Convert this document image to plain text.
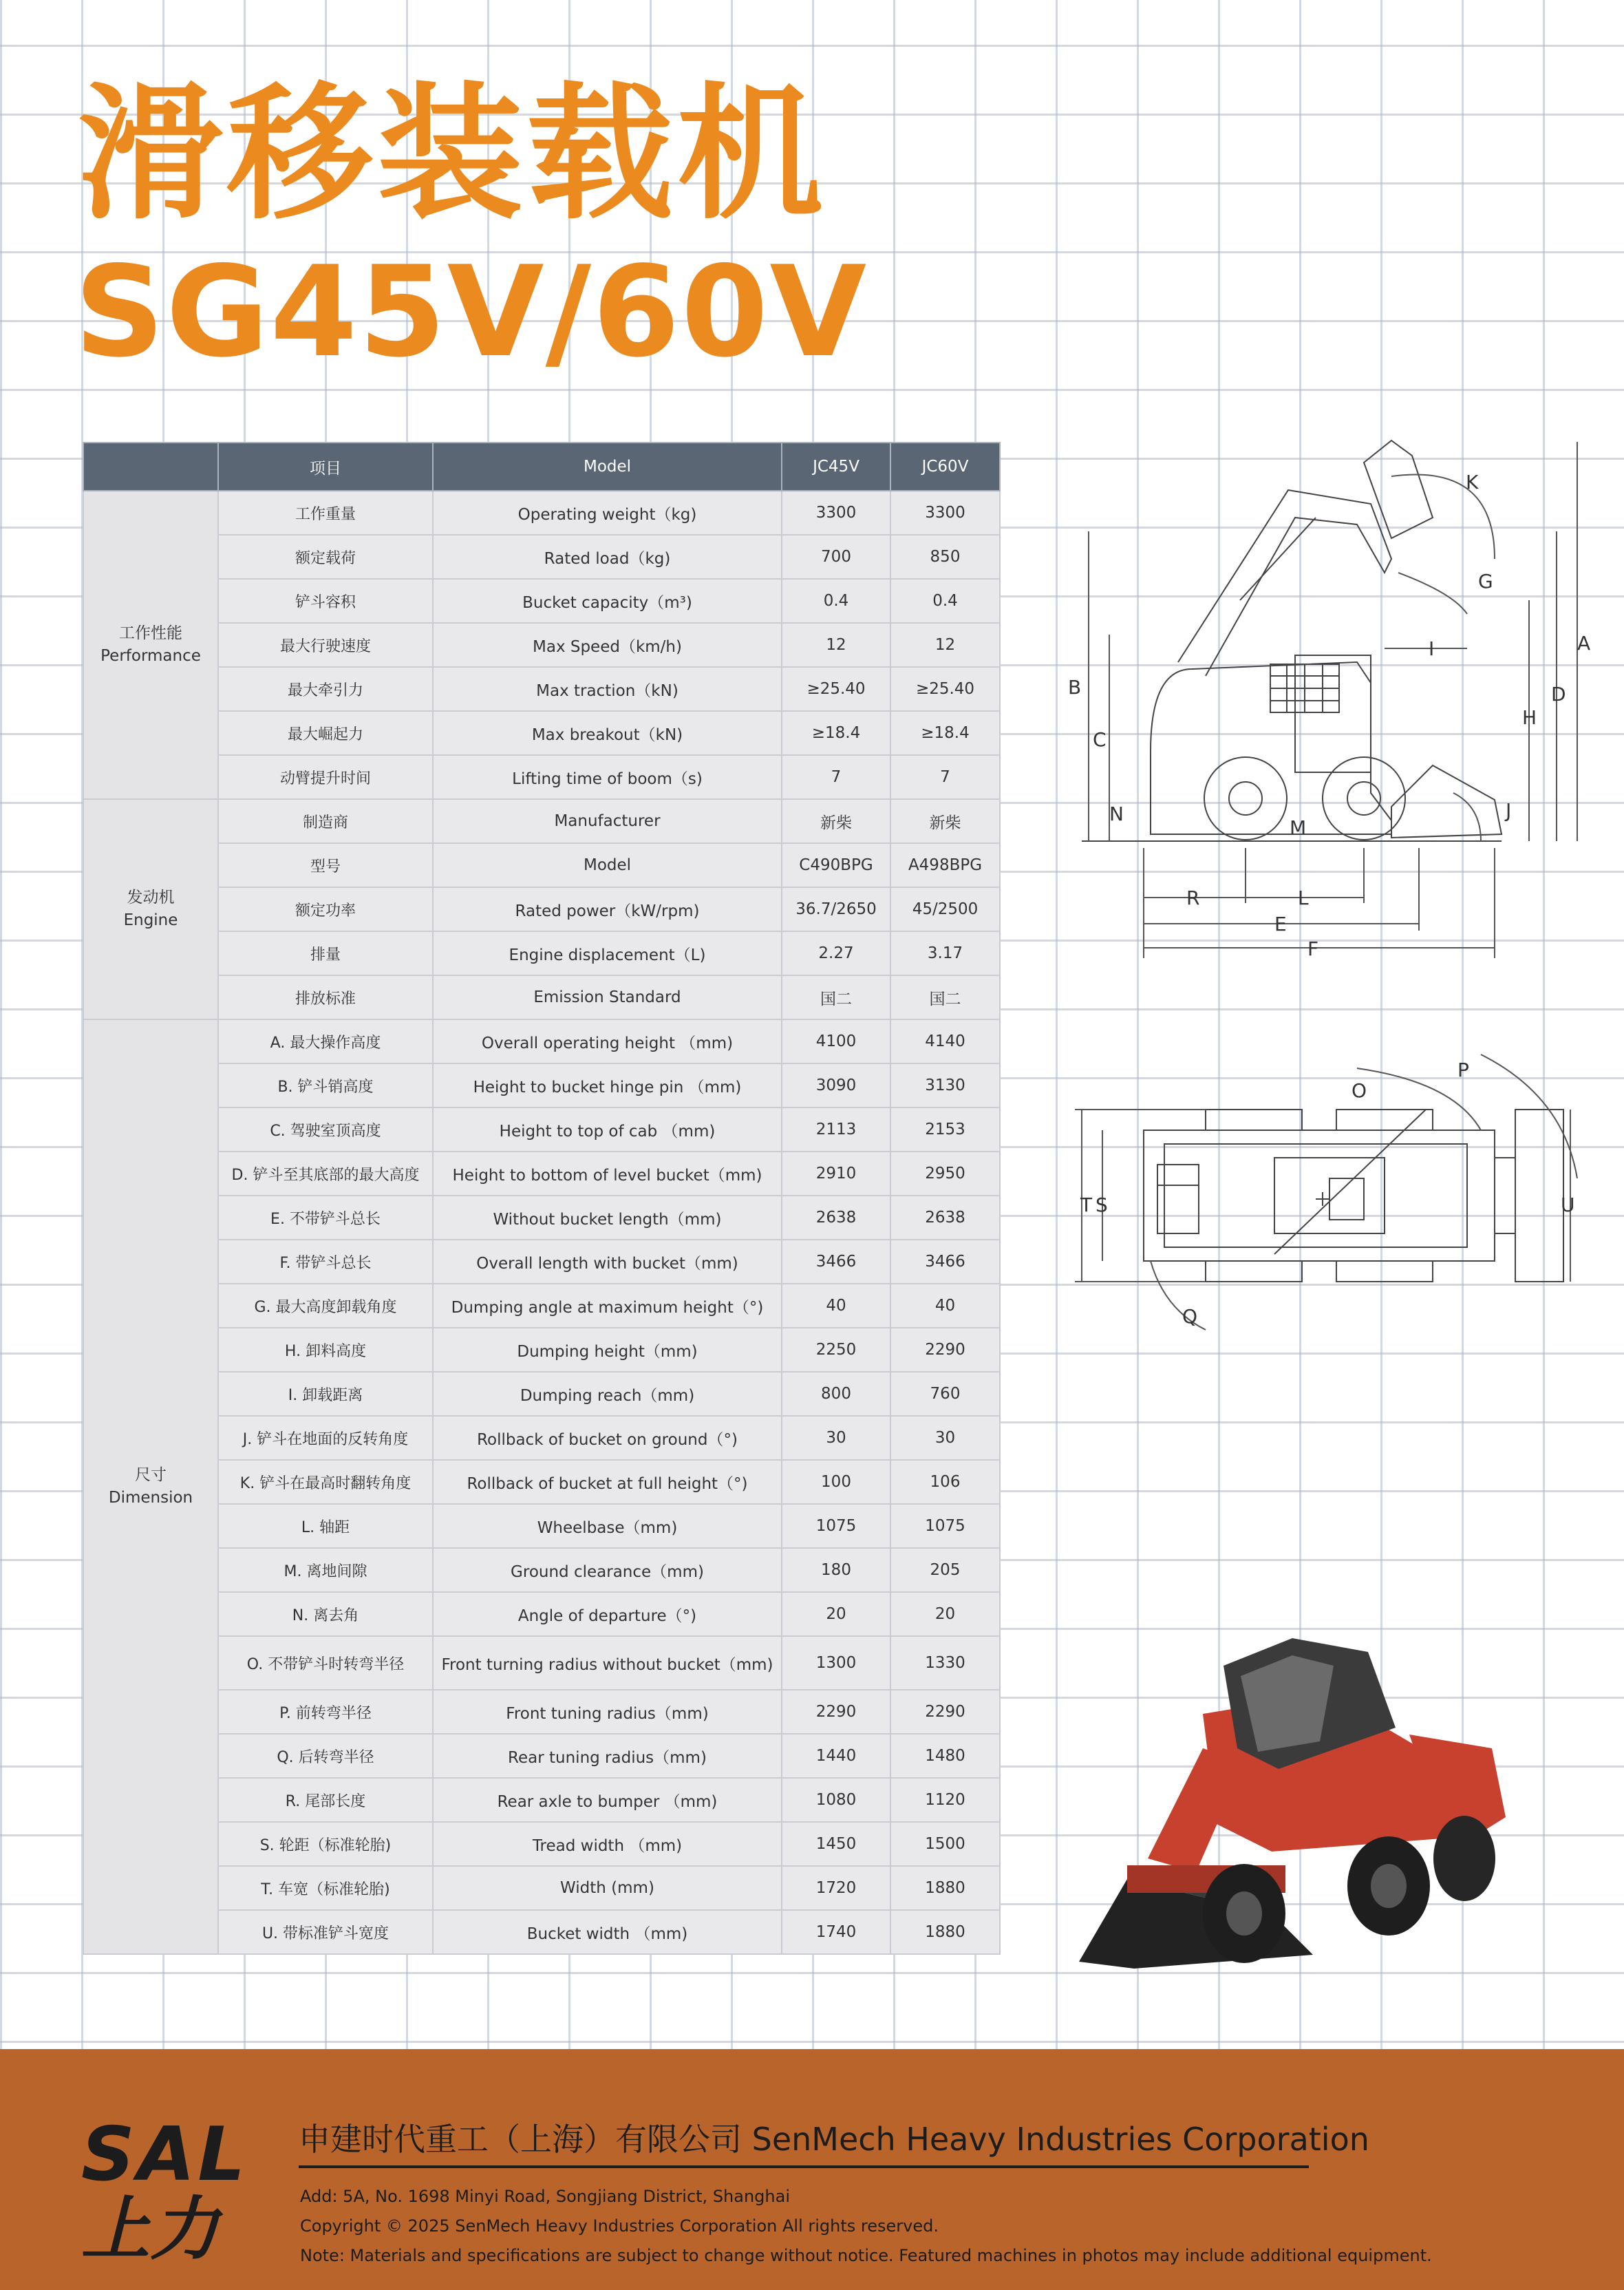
滑移装载机
SG45V/60V
	项目	Model	JC45V	JC60V
工作性能
Performance	工作重量	Operating weight（kg)	3300	3300
	额定载荷	Rated load（kg)	700	850
	铲斗容积	Bucket capacity（m³)	0.4	0.4
	最大行驶速度	Max Speed（km/h)	12	12
	最大牵引力	Max traction（kN)	≥25.40	≥25.40
	最大崛起力	Max breakout（kN)	≥18.4	≥18.4
	动臂提升时间	Lifting time of boom（s)	7	7
发动机
Engine	制造商	Manufacturer	新柴	新柴
	型号	Model	C490BPG	A498BPG
	额定功率	Rated power（kW/rpm)	36.7/2650	45/2500
	排量	Engine displacement（L)	2.27	3.17
	排放标准	Emission Standard	国二	国二
尺寸
Dimension	A. 最大操作高度	Overall operating height （mm)	4100	4140
	B. 铲斗销高度	Height to bucket hinge pin （mm)	3090	3130
	C. 驾驶室顶高度	Height to top of cab （mm)	2113	2153
	D. 铲斗至其底部的最大高度	Height to bottom of level bucket（mm)	2910	2950
	E. 不带铲斗总长	Without bucket length（mm)	2638	2638
	F. 带铲斗总长	Overall length with bucket（mm)	3466	3466
	G. 最大高度卸载角度	Dumping angle at maximum height（°)	40	40
	H. 卸料高度	Dumping height（mm)	2250	2290
	I. 卸载距离	Dumping reach（mm)	800	760
	J. 铲斗在地面的反转角度	Rollback of bucket on ground（°)	30	30
	K. 铲斗在最高时翻转角度	Rollback of bucket at full height（°)	100	106
	L. 轴距	Wheelbase（mm)	1075	1075
	M. 离地间隙	Ground clearance（mm)	180	205
	N. 离去角	Angle of departure（°)	20	20
	O. 不带铲斗时转弯半径	Front turning radius without bucket（mm)	1300	1330
	P. 前转弯半径	Front tuning radius（mm)	2290	2290
	Q. 后转弯半径	Rear tuning radius（mm)	1440	1480
	R. 尾部长度	Rear axle to bumper （mm)	1080	1120
	S. 轮距（标准轮胎)	Tread width （mm)	1450	1500
	T. 车宽（标准轮胎)	Width (mm)	1720	1880
	U. 带标准铲斗宽度	Bucket width （mm)	1740	1880
K
G
I	A
B	D
H
C
J
N
M
R	L
E
F
O
P
T S	U
Q
SAL
上力
申建时代重工（上海）有限公司 SenMech Heavy Industries Corporation
Add: 5A, No. 1698 Minyi Road, Songjiang District, Shanghai
Copyright © 2025 SenMech Heavy Industries Corporation All rights reserved.
Note: Materials and specifications are subject to change without notice. Featured machines in photos may include additional equipment.
